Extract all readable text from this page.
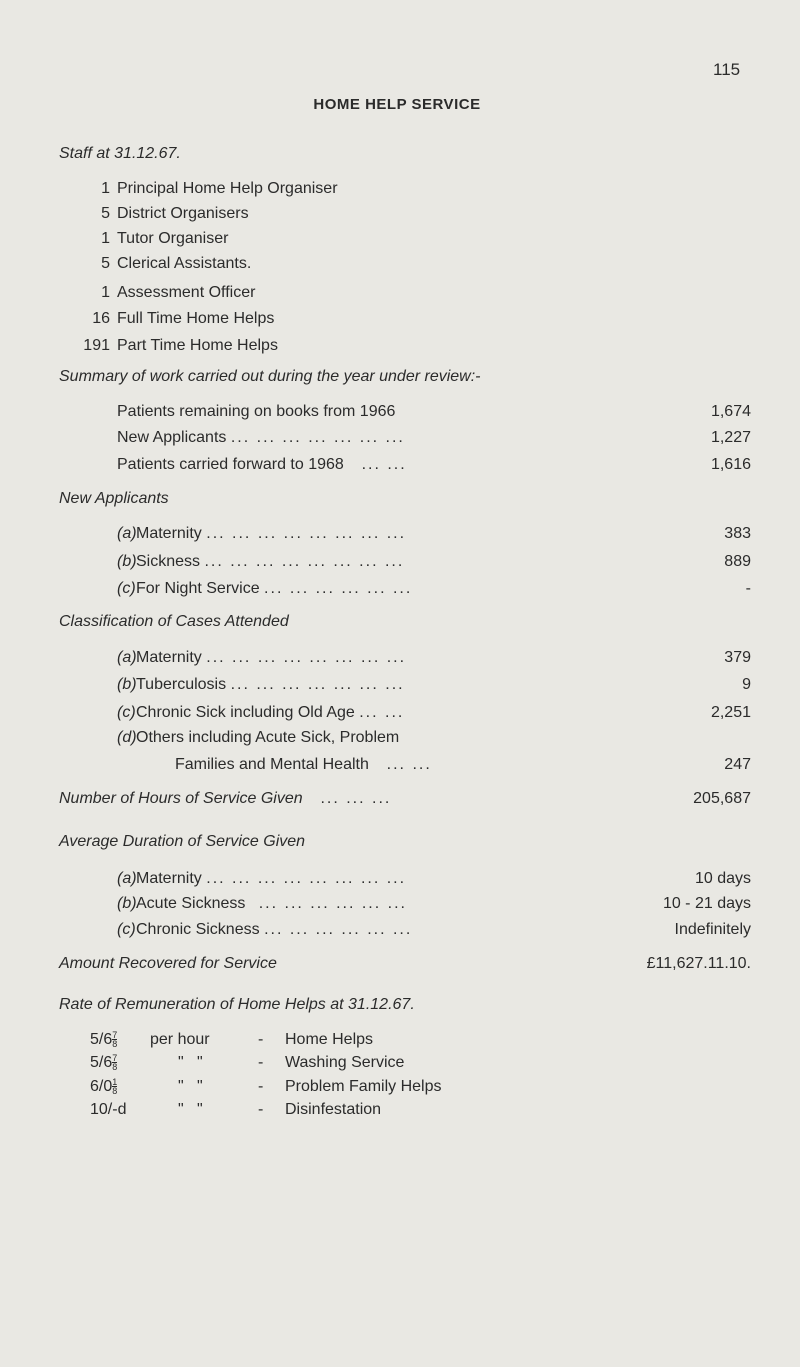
115
HOME HELP SERVICE
Staff at 31.12.67.
1 Principal Home Help Organiser
5 District Organisers
1 Tutor Organiser
5 Clerical Assistants.
1 Assessment Officer
16 Full Time Home Helps
191 Part Time Home Helps
Summary of work carried out during the year under review:-
Patients remaining on books from 1966	1,674
New Applicants ... ... ... ... ... ... ...	1,227
Patients carried forward to 1968 ... ...	1,616
New Applicants
(a) Maternity ... ... ... ... ... ... ... ...	383
(b) Sickness ... ... ... ... ... ... ... ...	889
(c) For Night Service ... ... ... ... ... ...	-
Classification of Cases Attended
(a) Maternity ... ... ... ... ... ... ... ...	379
(b) Tuberculosis ... ... ... ... ... ... ...	9
(c) Chronic Sick including Old Age ... ...	2,251
(d) Others including Acute Sick, Problem
Families and Mental Health ... ...	247
Number of Hours of Service Given ... ... ...	205,687
Average Duration of Service Given
(a) Maternity ... ... ... ... ... ... ... ...	10 days
(b) Acute Sickness ... ... ... ... ... ...	10 - 21 days
(c) Chronic Sickness ... ... ... ... ... ...	Indefinitely
Amount Recovered for Service	£11,627.11.10.
Rate of Remuneration of Home Helps at 31.12.67.
$5/6 \frac{7}{8}$ per hour	- Home Helps
$5/6 \frac{7}{8}$	"   "	- Washing Service
$6/0 \frac{1}{8}$	"   "	- Problem Family Helps
10/-d	"   "	- Disinfestation
